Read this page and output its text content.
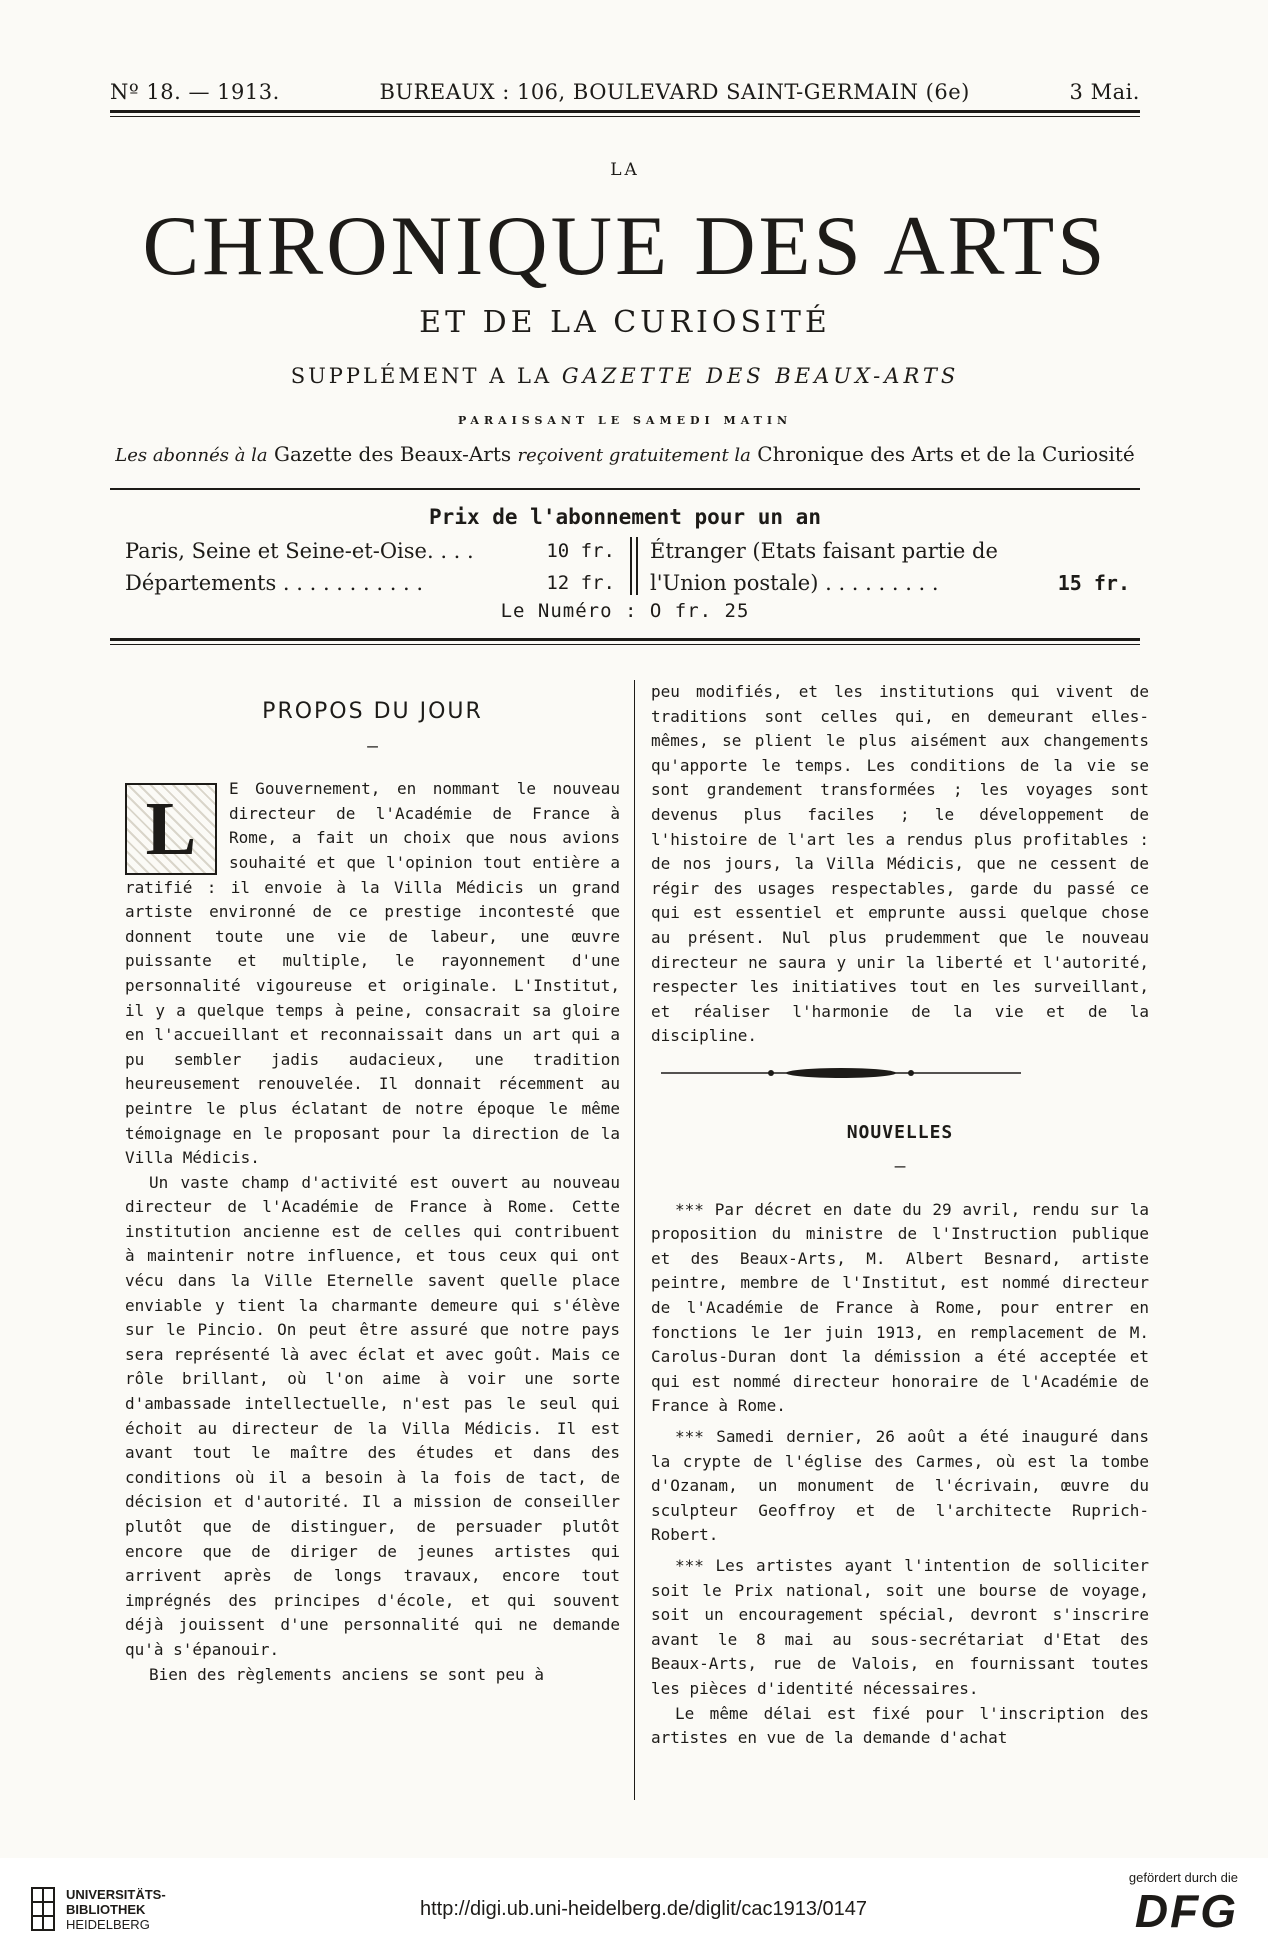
Nº 18. — 1913.	BUREAUX : 106, BOULEVARD SAINT-GERMAIN (6e)	3 Mai.
LA
CHRONIQUE DES ARTS
ET DE LA CURIOSITÉ
SUPPLÉMENT A LA GAZETTE DES BEAUX-ARTS
PARAISSANT LE SAMEDI MATIN
Les abonnés à la Gazette des Beaux-Arts reçoivent gratuitement la Chronique des Arts et de la Curiosité
Prix de l'abonnement pour un an
Paris, Seine et Seine-et-Oise. . . .	10 fr.
Départements . . . . . . . . . . .	12 fr.
Étranger (Etats faisant partie de
l'Union postale) . . . . . . . . .	15 fr.
Le Numéro : O fr. 25
PROPOS DU JOUR
—
L	E Gouvernement, en nommant le nouveau directeur de l'Académie de France à Rome, a fait un choix que nous avions souhaité et que l'opinion tout entière a ratifié : il envoie à la Villa Médicis un grand artiste environné de ce prestige incontesté que donnent toute une vie de labeur, une œuvre puissante et multiple, le rayonnement d'une personnalité vigoureuse et originale. L'Institut, il y a quelque temps à peine, consacrait sa gloire en l'accueillant et reconnaissait dans un art qui a pu sembler jadis audacieux, une tradition heureusement renouvelée. Il donnait récemment au peintre le plus éclatant de notre époque le même témoignage en le proposant pour la direction de la Villa Médicis.

Un vaste champ d'activité est ouvert au nouveau directeur de l'Académie de France à Rome. Cette institution ancienne est de celles qui contribuent à maintenir notre influence, et tous ceux qui ont vécu dans la Ville Eternelle savent quelle place enviable y tient la charmante demeure qui s'élève sur le Pincio. On peut être assuré que notre pays sera représenté là avec éclat et avec goût. Mais ce rôle brillant, où l'on aime à voir une sorte d'ambassade intellectuelle, n'est pas le seul qui échoit au directeur de la Villa Médicis. Il est avant tout le maître des études et dans des conditions où il a besoin à la fois de tact, de décision et d'autorité. Il a mission de conseiller plutôt que de distinguer, de persuader plutôt encore que de diriger de jeunes artistes qui arrivent après de longs travaux, encore tout imprégnés des principes d'école, et qui souvent déjà jouissent d'une personnalité qui ne demande qu'à s'épanouir.

Bien des règlements anciens se sont peu à

peu modifiés, et les institutions qui vivent de traditions sont celles qui, en demeurant elles-mêmes, se plient le plus aisément aux changements qu'apporte le temps. Les conditions de la vie se sont grandement transformées ; les voyages sont devenus plus faciles ; le développement de l'histoire de l'art les a rendus plus profitables : de nos jours, la Villa Médicis, que ne cessent de régir des usages respectables, garde du passé ce qui est essentiel et emprunte aussi quelque chose au présent. Nul plus prudemment que le nouveau directeur ne saura y unir la liberté et l'autorité, respecter les initiatives tout en les surveillant, et réaliser l'harmonie de la vie et de la discipline.

NOUVELLES
—

*** Par décret en date du 29 avril, rendu sur la proposition du ministre de l'Instruction publique et des Beaux-Arts, M. Albert Besnard, artiste peintre, membre de l'Institut, est nommé directeur de l'Académie de France à Rome, pour entrer en fonctions le 1er juin 1913, en remplacement de M. Carolus-Duran dont la démission a été acceptée et qui est nommé directeur honoraire de l'Académie de France à Rome.

*** Samedi dernier, 26 août a été inauguré dans la crypte de l'église des Carmes, où est la tombe d'Ozanam, un monument de l'écrivain, œuvre du sculpteur Geoffroy et de l'architecte Ruprich-Robert.

*** Les artistes ayant l'intention de solliciter soit le Prix national, soit une bourse de voyage, soit un encouragement spécial, devront s'inscrire avant le 8 mai au sous-secrétariat d'Etat des Beaux-Arts, rue de Valois, en fournissant toutes les pièces d'identité nécessaires.

Le même délai est fixé pour l'inscription des artistes en vue de la demande d'achat

UNIVERSITÄTS-
BIBLIOTHEK
HEIDELBERG
http://digi.ub.uni-heidelberg.de/diglit/cac1913/0147
gefördert durch die
DFG
